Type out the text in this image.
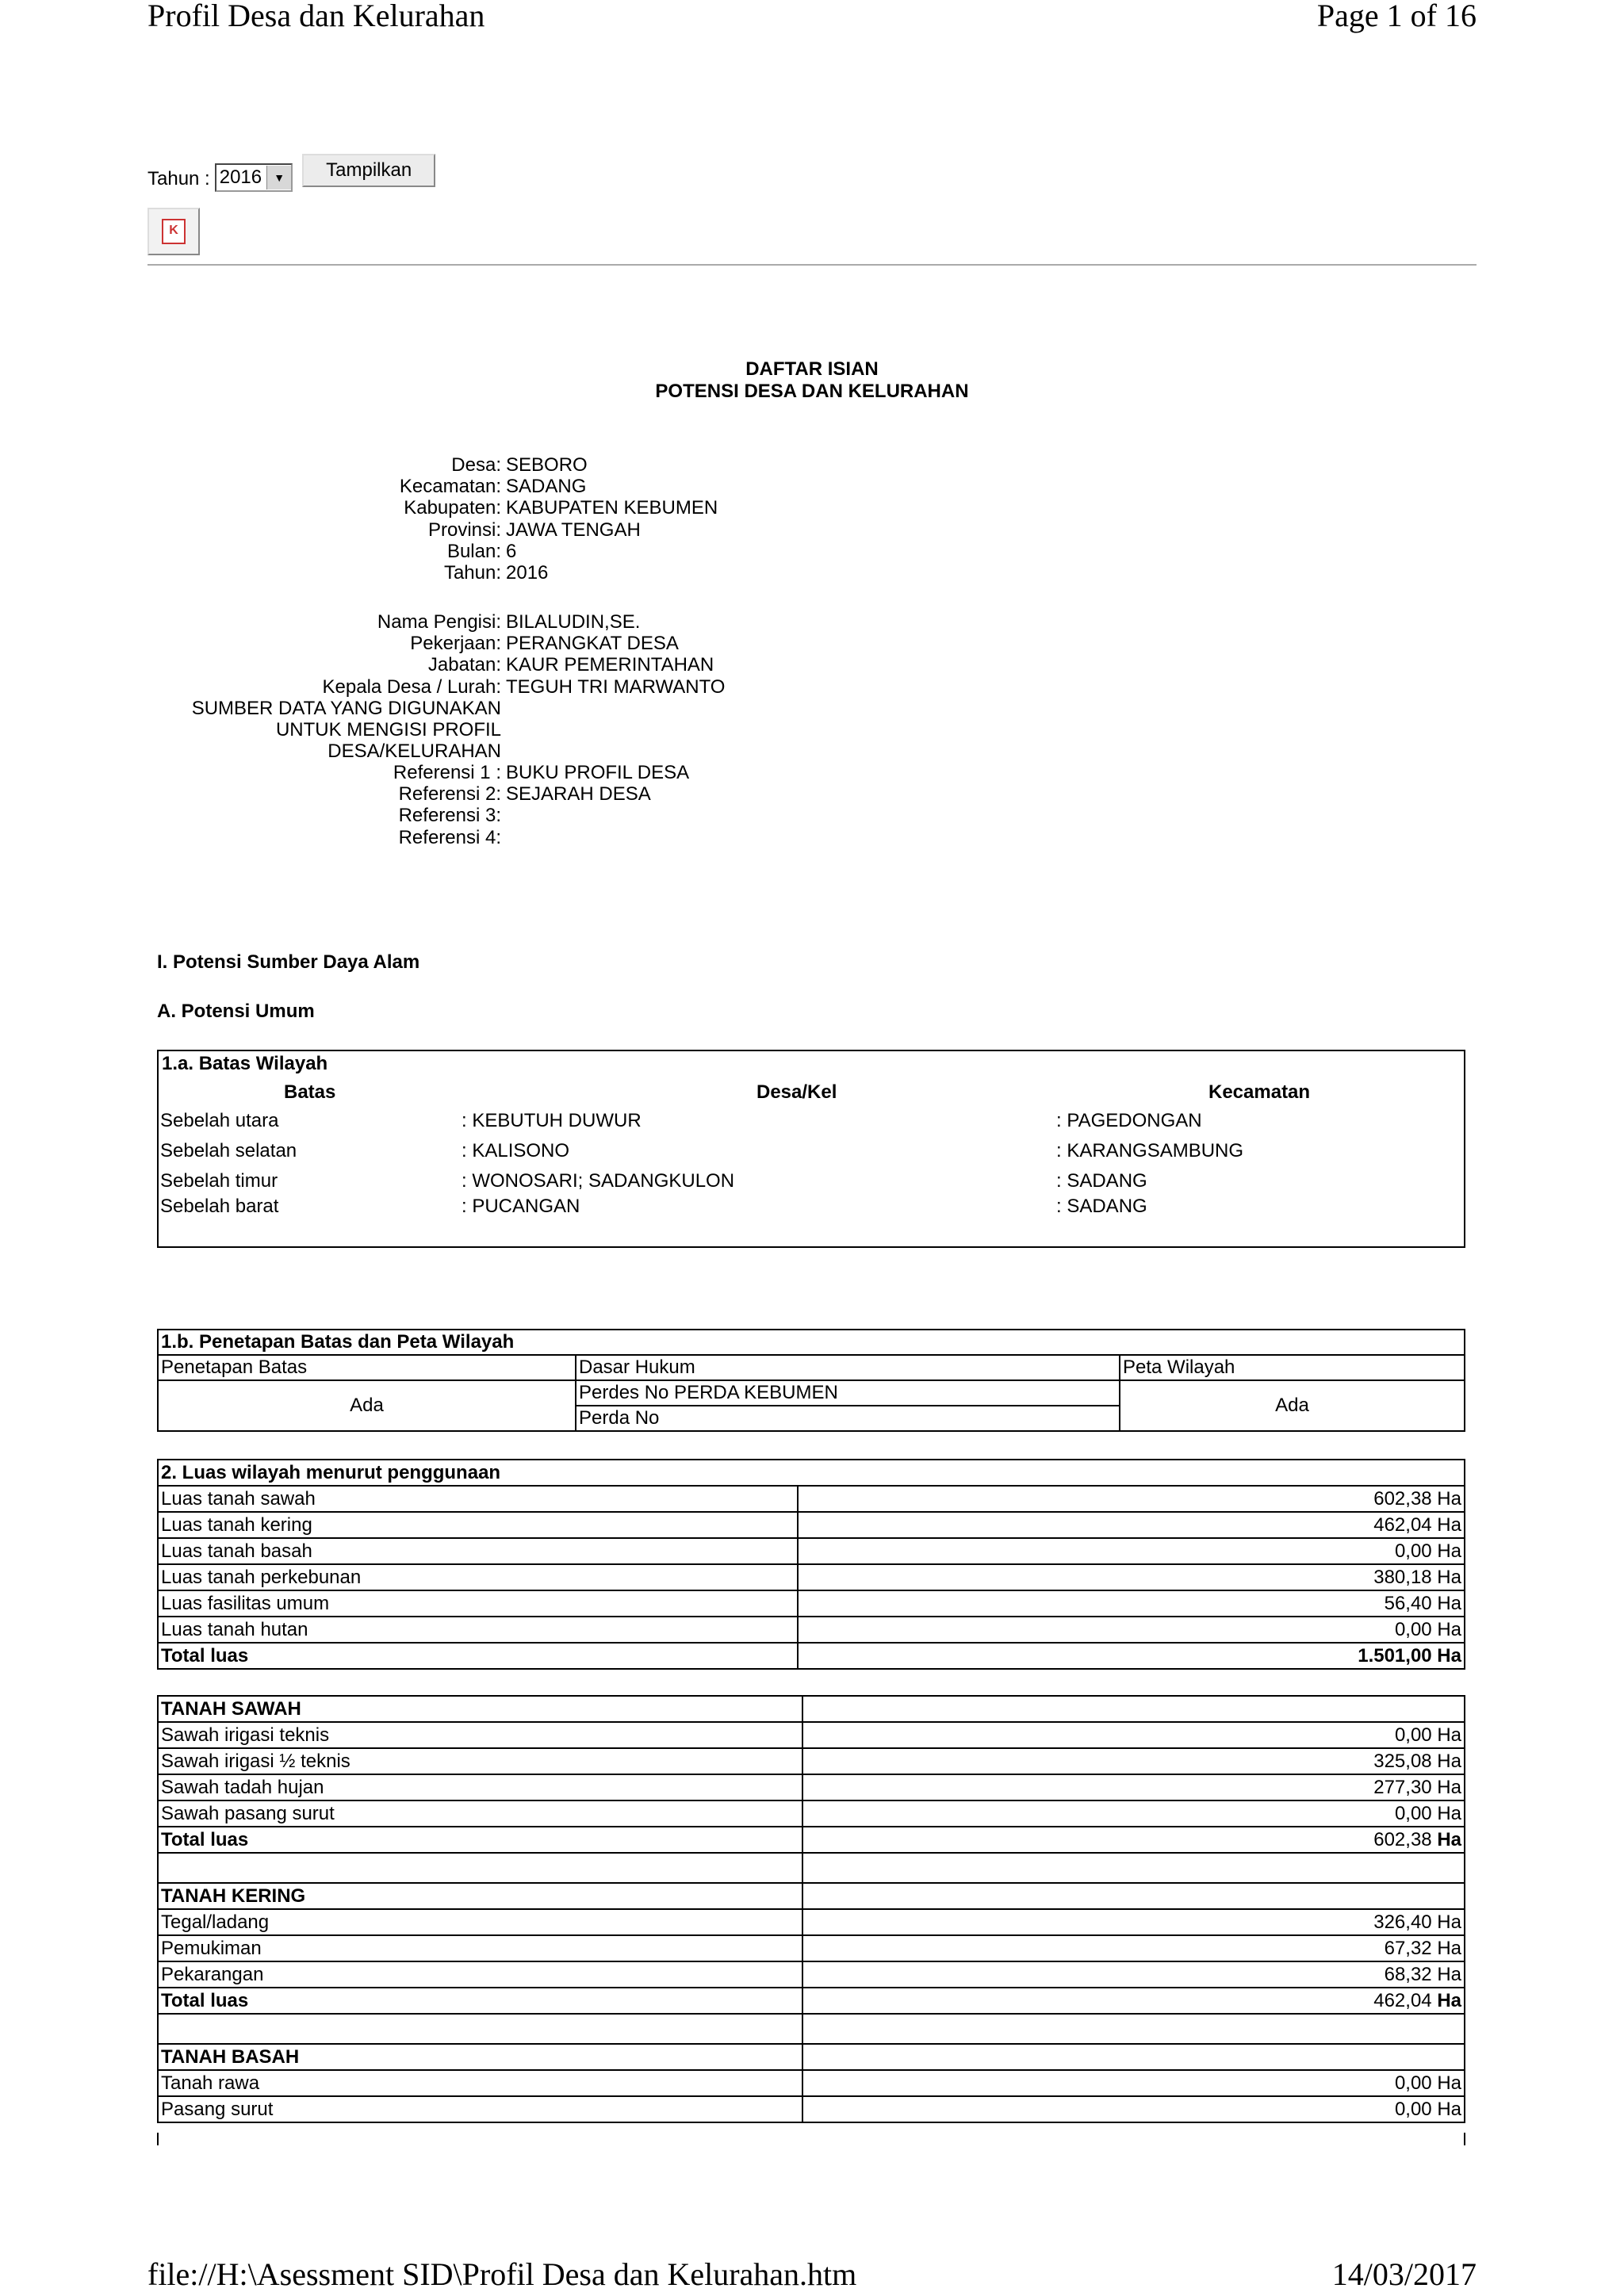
Profil Desa dan Kelurahan	Page 1 of 16
file://H:\Asessment SID\Profil Desa dan Kelurahan.htm	14/03/2017
Tahun : 2016	▼	Tampilkan
K
DAFTAR ISIAN
POTENSI DESA DAN KELURAHAN
Desa: SEBORO
Kecamatan: SADANG
Kabupaten: KABUPATEN KEBUMEN
Provinsi: JAWA TENGAH
Bulan: 6
Tahun: 2016
Nama Pengisi: BILALUDIN,SE.
Pekerjaan: PERANGKAT DESA
Jabatan: KAUR PEMERINTAHAN
Kepala Desa / Lurah: TEGUH TRI MARWANTO
SUMBER DATA YANG DIGUNAKAN
UNTUK MENGISI PROFIL
DESA/KELURAHAN
Referensi 1 : BUKU PROFIL DESA
Referensi 2: SEJARAH DESA
Referensi 3:
Referensi 4:
I. Potensi Sumber Daya Alam
A. Potensi Umum
1.a. Batas Wilayah
Batas	Desa/Kel	Kecamatan
Sebelah utara	: KEBUTUH DUWUR	: PAGEDONGAN
Sebelah selatan	: KALISONO	: KARANGSAMBUNG
Sebelah timur	: WONOSARI; SADANGKULON	: SADANG
Sebelah barat	: PUCANGAN	: SADANG
1.b. Penetapan Batas dan Peta Wilayah		
Penetapan Batas	Dasar Hukum	Peta Wilayah
Ada	Perdes No PERDA KEBUMEN	Ada
	Perda No	
2. Luas wilayah menurut penggunaan	
Luas tanah sawah	602,38 Ha
Luas tanah kering	462,04 Ha
Luas tanah basah	0,00 Ha
Luas tanah perkebunan	380,18 Ha
Luas fasilitas umum	56,40 Ha
Luas tanah hutan	0,00 Ha
Total luas	1.501,00 Ha
TANAH SAWAH	
Sawah irigasi teknis	0,00 Ha
Sawah irigasi ½ teknis	325,08 Ha
Sawah tadah hujan	277,30 Ha
Sawah pasang surut	0,00 Ha
Total luas	602,38 Ha

TANAH KERING	
Tegal/ladang	326,40 Ha
Pemukiman	67,32 Ha
Pekarangan	68,32 Ha
Total luas	462,04 Ha

TANAH BASAH	
Tanah rawa	0,00 Ha
Pasang surut	0,00 Ha
